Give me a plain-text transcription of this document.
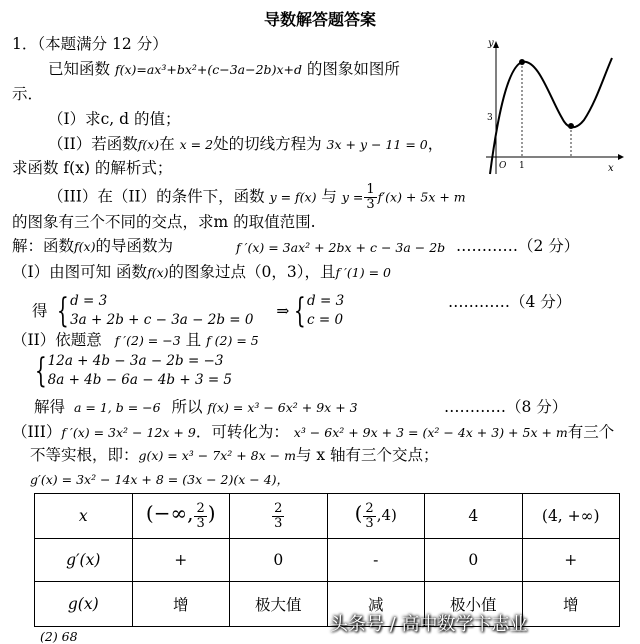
导数解答题答案
1．（本题满分 12 分）
已知函数 f(x)=ax³+bx²+(c−3a−2b)x+d 的图象如图所
示．
（I）求c, d 的值；
（II）若函数f(x)在 x = 2处的切线方程为 3x + y − 11 = 0，
求函数 f(x) 的解析式；
（III）在（II）的条件下，函数 y = f(x) 与 $y = \frac{1}{3} f'(x) + 5x + m$
的图象有三个不同的交点，求m 的取值范围.
y
x
O 1
3
解：函数f(x)的导函数为	f ′(x) = 3ax² + 2bx + c − 3a − 2b …………（2 分）
（I）由图可知 函数f(x)的图象过点（0，3），且f ′(1) = 0
得 { d = 3
3a + 2b + c − 3a − 2b = 0 ⇒ { d = 3
c = 0
…………（4 分）
（II）依题意 f ′(2) = −3 且 f (2) = 5
{ 12a + 4b − 3a − 2b = −3
8a + 4b − 6a − 4b + 3 = 5
解得 a = 1, b = −6 所以 f(x) = x³ − 6x² + 9x + 3	…………（8 分）
（III）f ′(x) = 3x² − 12x + 9．可转化为： x³ − 6x² + 9x + 3 = (x² − 4x + 3) + 5x + m有三个
不等实根，即：g(x) = x³ − 7x² + 8x − m与 x 轴有三个交点；
g′(x) = 3x² − 14x + 8 = (3x − 2)(x − 4)，
x	(−∞, $\frac{2}{3}$ )	$\frac{2}{3}$	( $\frac{2}{3} ,4$)	4	(4, +∞)
g′(x)	+	0	-	0	+
g(x)	增	极大值	减	极小值	增
(2) 68
头条号 / 高中数学卞志业
